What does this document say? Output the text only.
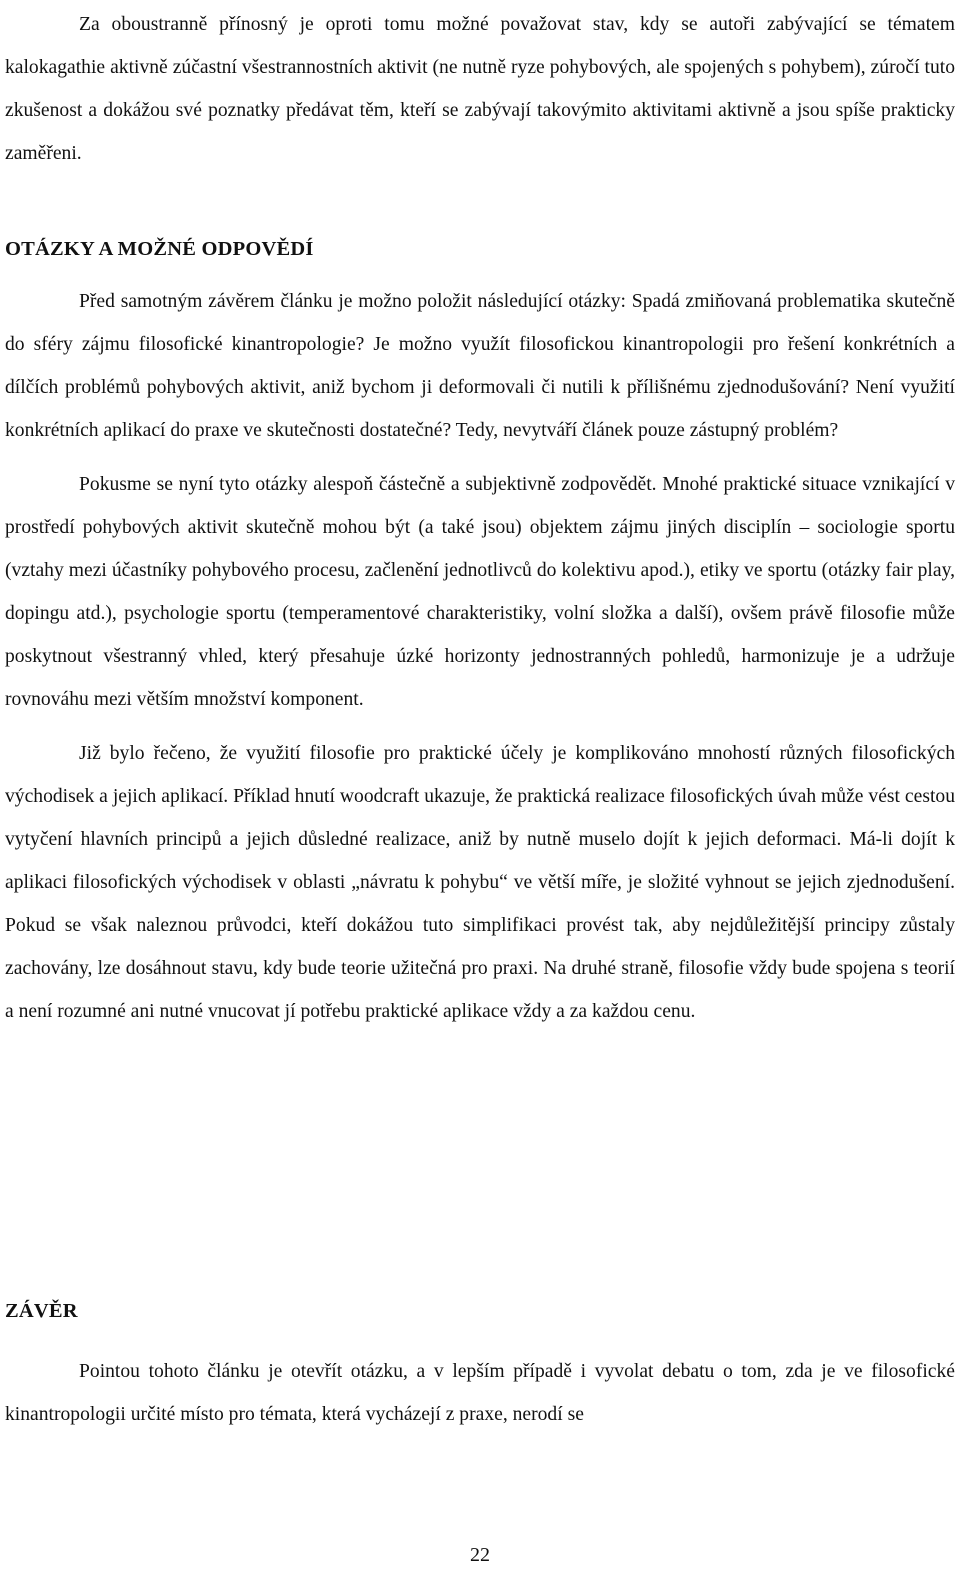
Za oboustranně přínosný je oproti tomu možné považovat stav, kdy se autoři zabývající se tématem kalokagathie aktivně zúčastní všestrannostních aktivit (ne nutně ryze pohybových, ale spojených s pohybem), zúročí tuto zkušenost a dokážou své poznatky předávat těm, kteří se zabývají takovýmito aktivitami aktivně a jsou spíše prakticky zaměřeni.

OTÁZKY A MOŽNÉ ODPOVĚDÍ

Před samotným závěrem článku je možno položit následující otázky: Spadá zmiňovaná problematika skutečně do sféry zájmu filosofické kinantropologie? Je možno využít filosofickou kinantropologii pro řešení konkrétních a dílčích problémů pohybových aktivit, aniž bychom ji deformovali či nutili k přílišnému zjednodušování? Není využití konkrétních aplikací do praxe ve skutečnosti dostatečné? Tedy, nevytváří článek pouze zástupný problém?

Pokusme se nyní tyto otázky alespoň částečně a subjektivně zodpovědět. Mnohé praktické situace vznikající v prostředí pohybových aktivit skutečně mohou být (a také jsou) objektem zájmu jiných disciplín – sociologie sportu (vztahy mezi účastníky pohybového procesu, začlenění jednotlivců do kolektivu apod.), etiky ve sportu (otázky fair play, dopingu atd.), psychologie sportu (temperamentové charakteristiky, volní složka a další), ovšem právě filosofie může poskytnout všestranný vhled, který přesahuje úzké horizonty jednostranných pohledů, harmonizuje je a udržuje rovnováhu mezi větším množství komponent.

Již bylo řečeno, že využití filosofie pro praktické účely je komplikováno mnohostí různých filosofických východisek a jejich aplikací. Příklad hnutí woodcraft ukazuje, že praktická realizace filosofických úvah může vést cestou vytyčení hlavních principů a jejich důsledné realizace, aniž by nutně muselo dojít k jejich deformaci. Má-li dojít k aplikaci filosofických východisek v oblasti „návratu k pohybu“ ve větší míře, je složité vyhnout se jejich zjednodušení. Pokud se však naleznou průvodci, kteří dokážou tuto simplifikaci provést tak, aby nejdůležitější principy zůstaly zachovány, lze dosáhnout stavu, kdy bude teorie užitečná pro praxi. Na druhé straně, filosofie vždy bude spojena s teorií a není rozumné ani nutné vnucovat jí potřebu praktické aplikace vždy a za každou cenu.

ZÁVĚR

Pointou tohoto článku je otevřít otázku, a v lepším případě i vyvolat debatu o tom, zda je ve filosofické kinantropologii určité místo pro témata, která vycházejí z praxe, nerodí se

22
